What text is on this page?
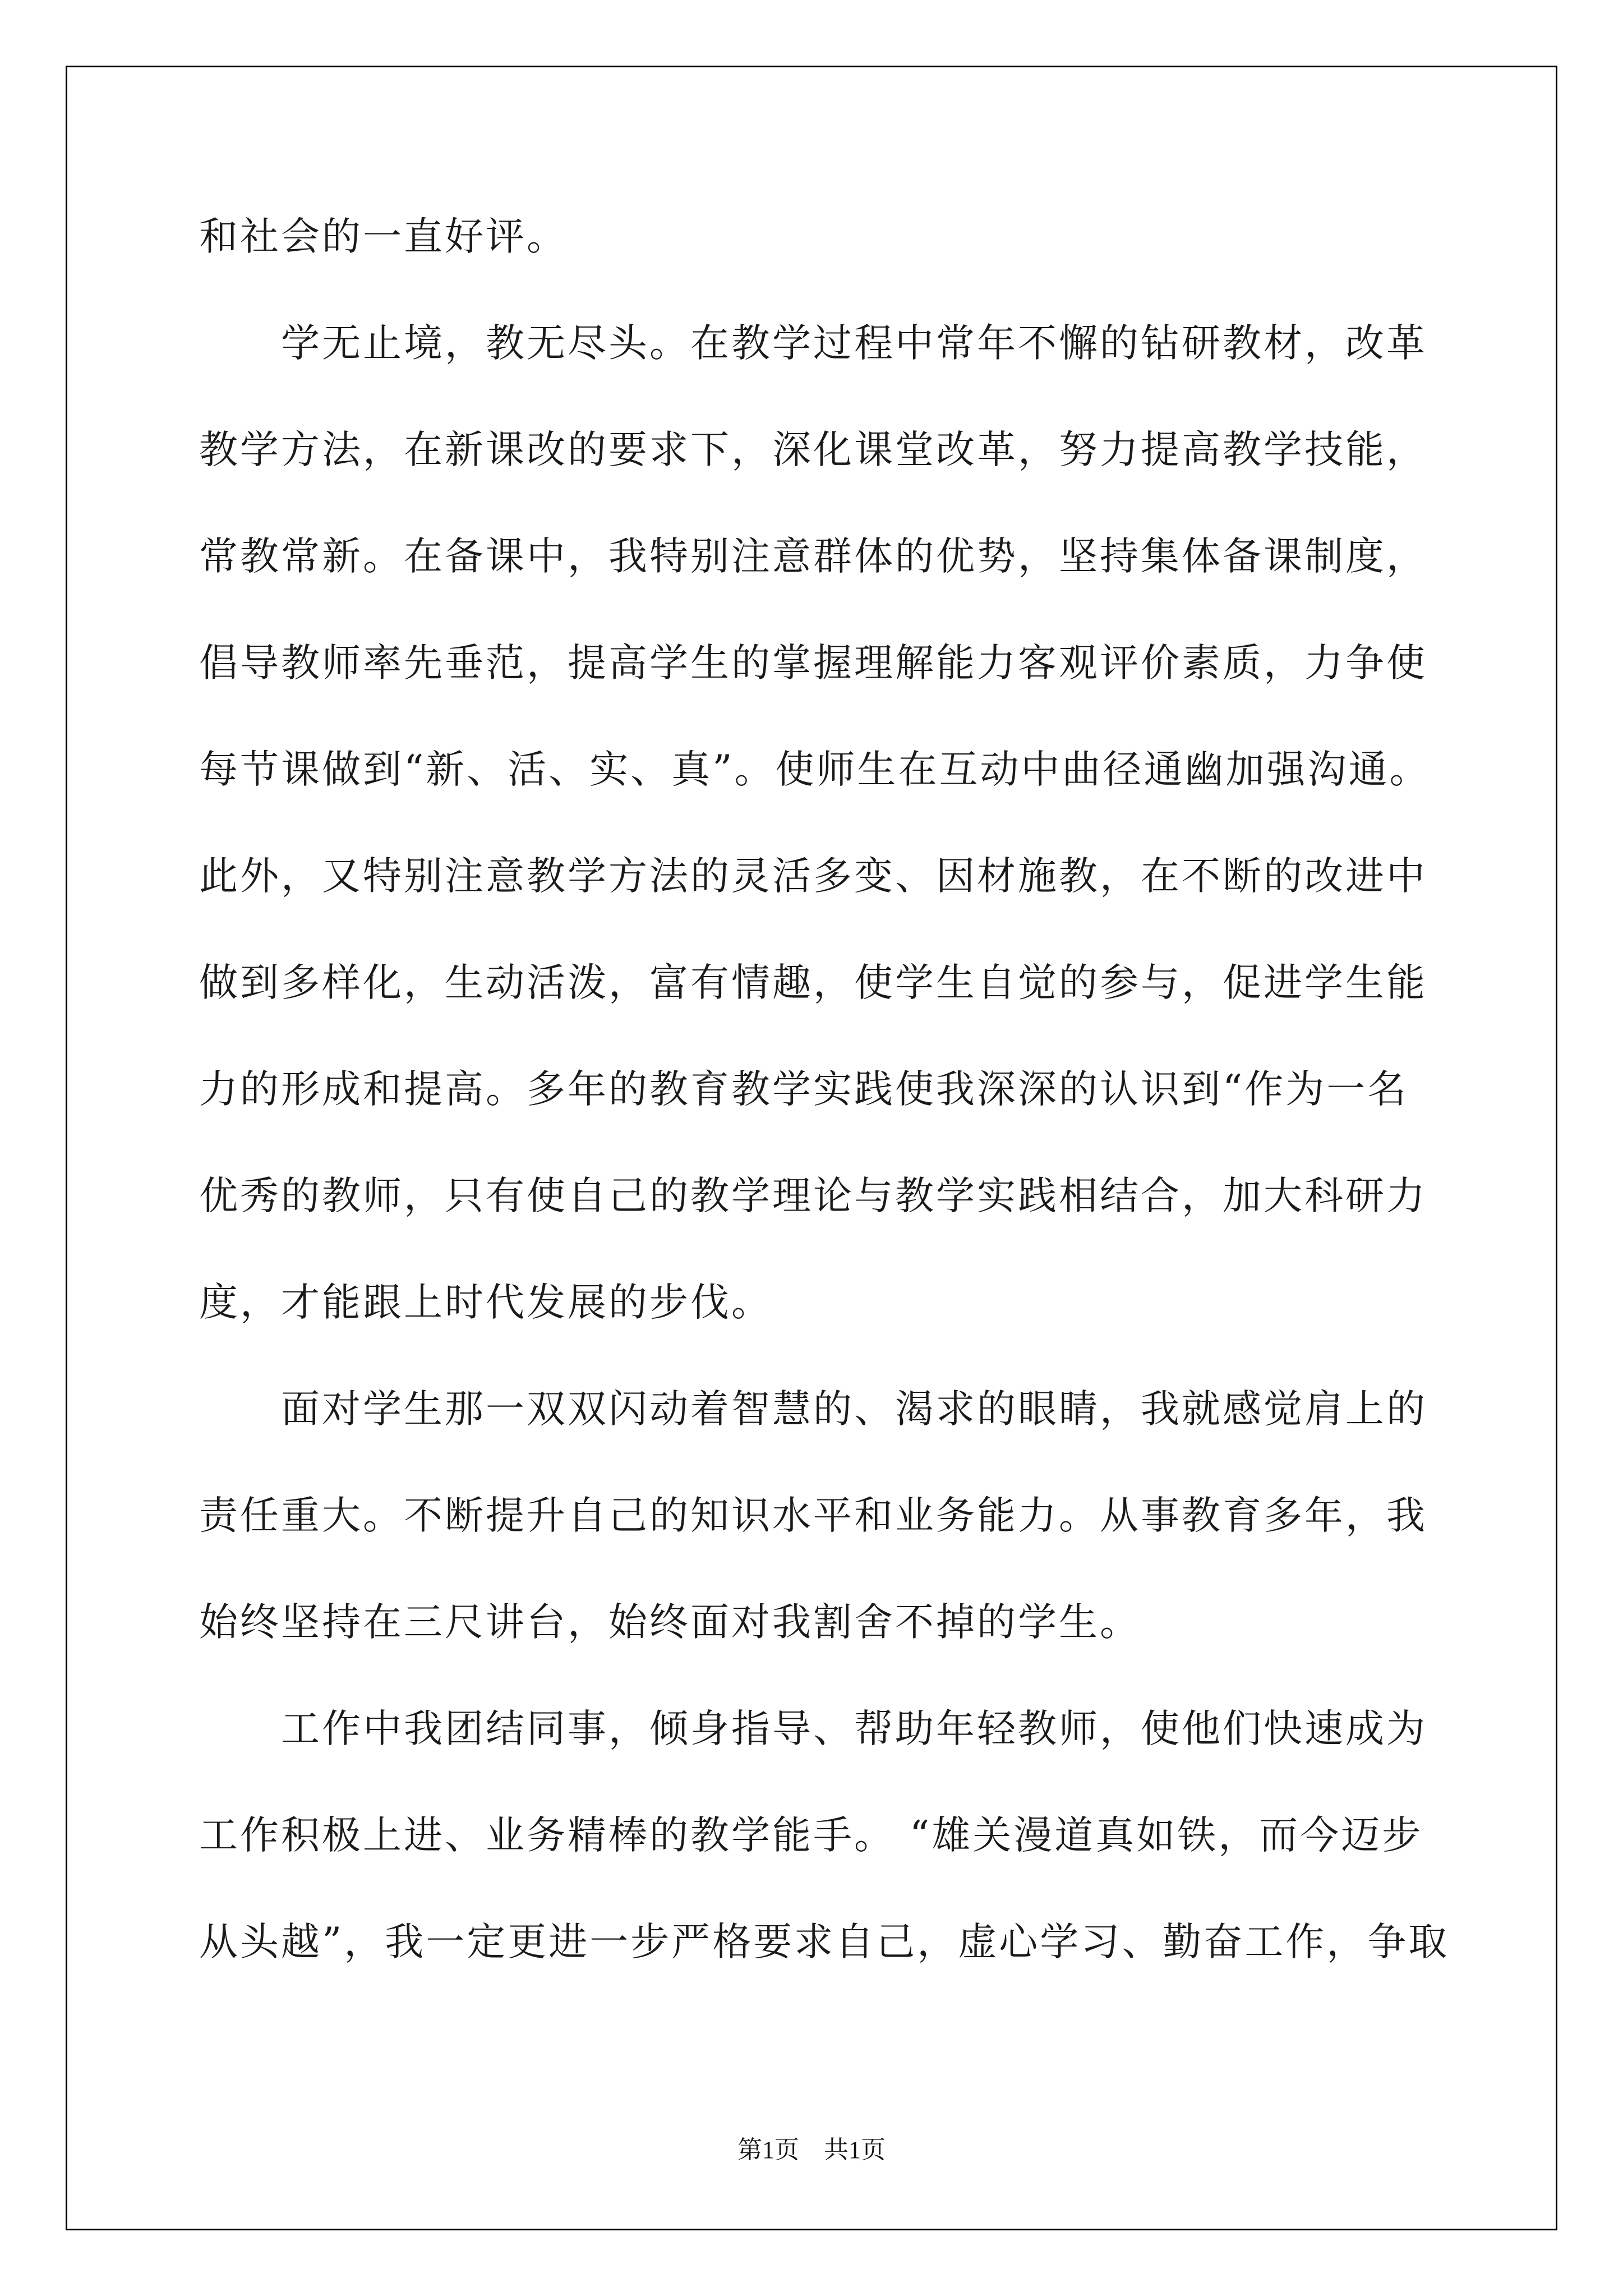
和社会的一直好评。
　　学无止境，教无尽头。在教学过程中常年不懈的钻研教材，改革
教学方法，在新课改的要求下，深化课堂改革，努力提高教学技能，
常教常新。在备课中，我特别注意群体的优势，坚持集体备课制度，
倡导教师率先垂范，提高学生的掌握理解能力客观评价素质，力争使
每节课做到“新、活、实、真”。使师生在互动中曲径通幽加强沟通。
此外，又特别注意教学方法的灵活多变、因材施教，在不断的改进中
做到多样化，生动活泼，富有情趣，使学生自觉的参与，促进学生能
力的形成和提高。多年的教育教学实践使我深深的认识到“作为一名
优秀的教师，只有使自己的教学理论与教学实践相结合，加大科研力
度，才能跟上时代发展的步伐。
　　面对学生那一双双闪动着智慧的、渴求的眼睛，我就感觉肩上的
责任重大。不断提升自己的知识水平和业务能力。从事教育多年，我
始终坚持在三尺讲台，始终面对我割舍不掉的学生。
　　工作中我团结同事，倾身指导、帮助年轻教师，使他们快速成为
工作积极上进、业务精棒的教学能手。 “雄关漫道真如铁，而今迈步
从头越”，我一定更进一步严格要求自己，虚心学习、勤奋工作，争取
第1页 共1页
